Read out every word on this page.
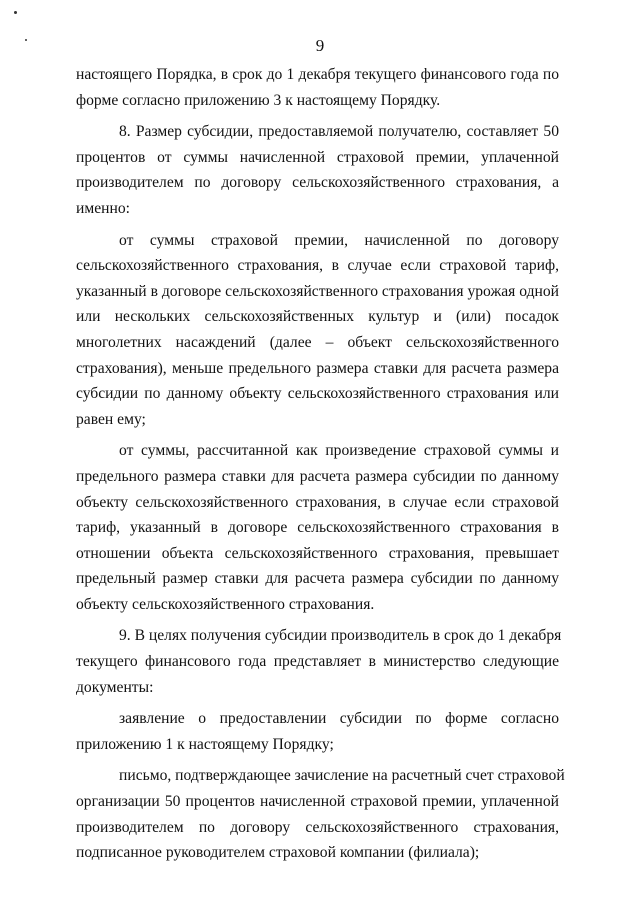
9
настоящего Порядка, в срок до 1 декабря текущего финансового года по
форме согласно приложению 3 к настоящему Порядку.
8. Размер субсидии, предоставляемой получателю, составляет 50
процентов от суммы начисленной страховой премии, уплаченной
производителем по договору сельскохозяйственного страхования, а
именно:
от суммы страховой премии, начисленной по договору
сельскохозяйственного страхования, в случае если страховой тариф,
указанный в договоре сельскохозяйственного страхования урожая одной
или нескольких сельскохозяйственных культур и (или) посадок
многолетних насаждений (далее – объект сельскохозяйственного
страхования), меньше предельного размера ставки для расчета размера
субсидии по данному объекту сельскохозяйственного страхования или
равен ему;
от суммы, рассчитанной как произведение страховой суммы и
предельного размера ставки для расчета размера субсидии по данному
объекту сельскохозяйственного страхования, в случае если страховой
тариф, указанный в договоре сельскохозяйственного страхования в
отношении объекта сельскохозяйственного страхования, превышает
предельный размер ставки для расчета размера субсидии по данному
объекту сельскохозяйственного страхования.
9. В целях получения субсидии производитель в срок до 1 декабря
текущего финансового года представляет в министерство следующие
документы:
заявление о предоставлении субсидии по форме согласно
приложению 1 к настоящему Порядку;
письмо, подтверждающее зачисление на расчетный счет страховой
организации 50 процентов начисленной страховой премии, уплаченной
производителем по договору сельскохозяйственного страхования,
подписанное руководителем страховой компании (филиала);
